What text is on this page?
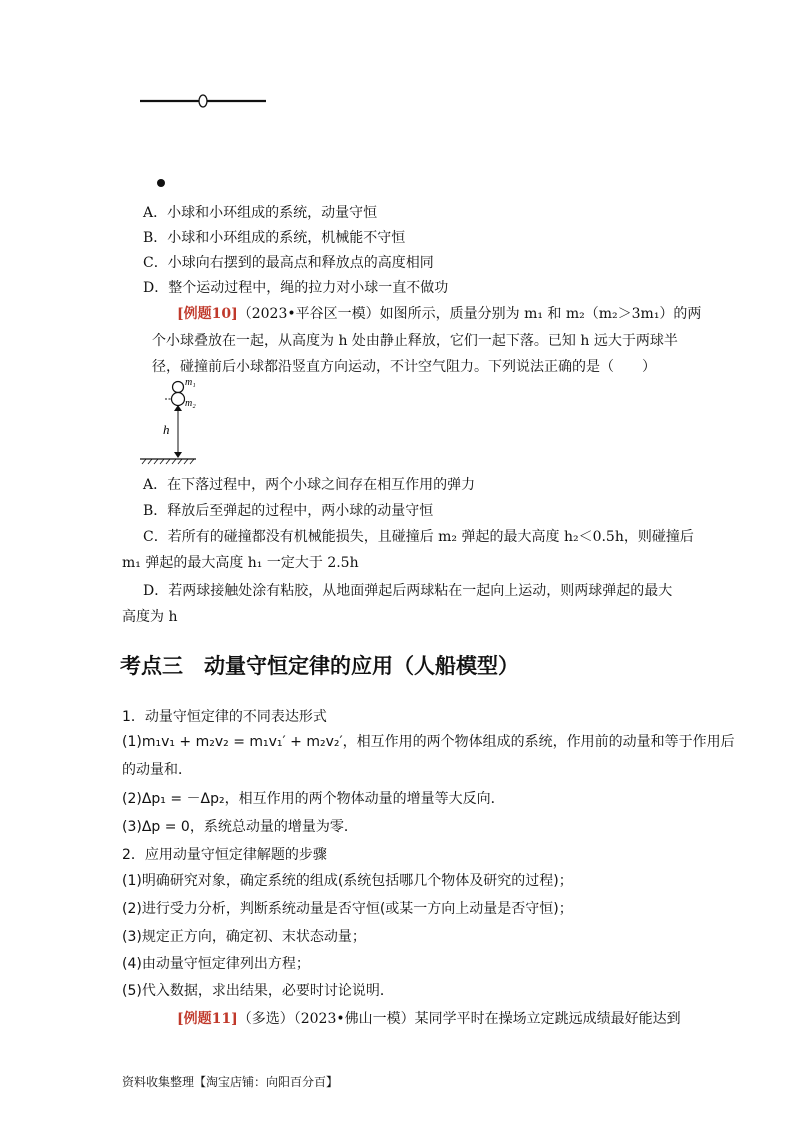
A．小球和小环组成的系统，动量守恒
B．小球和小环组成的系统，机械能不守恒
C．小球向右摆到的最高点和释放点的高度相同
D．整个运动过程中，绳的拉力对小球一直不做功
[例题10]（2023•平谷区一模）如图所示，质量分别为 m₁ 和 m₂（m₂＞3m₁）的两
个小球叠放在一起，从高度为 h 处由静止释放，它们一起下落。已知 h 远大于两球半
径，碰撞前后小球都沿竖直方向运动，不计空气阻力。下列说法正确的是（　　）
m₁
m₂
h
A．在下落过程中，两个小球之间存在相互作用的弹力
B．释放后至弹起的过程中，两小球的动量守恒
C．若所有的碰撞都没有机械能损失，且碰撞后 m₂ 弹起的最大高度 h₂＜0.5h，则碰撞后
m₁ 弹起的最大高度 h₁ 一定大于 2.5h
D．若两球接触处涂有粘胶，从地面弹起后两球粘在一起向上运动，则两球弹起的最大
高度为 h
考点三　动量守恒定律的应用（人船模型）
1．动量守恒定律的不同表达形式
(1)m₁v₁ + m₂v₂ = m₁v₁′ + m₂v₂′，相互作用的两个物体组成的系统，作用前的动量和等于作用后
的动量和．
(2)Δp₁ = －Δp₂，相互作用的两个物体动量的增量等大反向．
(3)Δp = 0，系统总动量的增量为零．
2．应用动量守恒定律解题的步骤
(1)明确研究对象，确定系统的组成(系统包括哪几个物体及研究的过程)；
(2)进行受力分析，判断系统动量是否守恒(或某一方向上动量是否守恒)；
(3)规定正方向，确定初、末状态动量；
(4)由动量守恒定律列出方程；
(5)代入数据，求出结果，必要时讨论说明．
[例题11]（多选）（2023•佛山一模）某同学平时在操场立定跳远成绩最好能达到
资料收集整理【淘宝店铺：向阳百分百】
